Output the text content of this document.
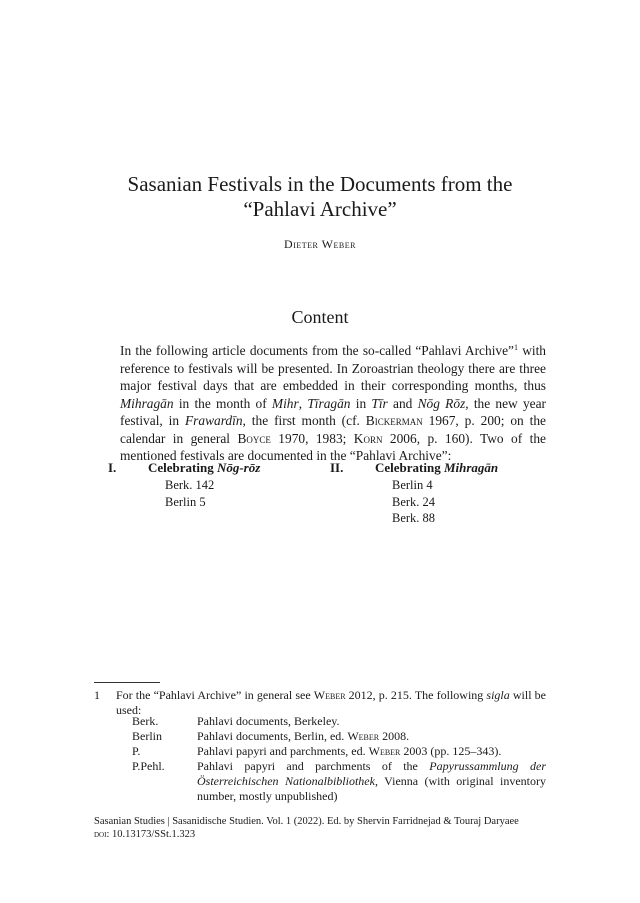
Sasanian Festivals in the Documents from the
“Pahlavi Archive”
Dieter Weber
Content
In the following article documents from the so-called “Pahlavi Archive”$^1$ with reference to festivals will be presented. In Zoroastrian theology there are three major festival days that are embedded in their corresponding months, thus Mihragān in the month of Mihr, Tīragān in Tīr and Nōg Rōz, the new year festival, in Frawardīn, the first month (cf. Bickerman 1967, p. 200; on the calendar in general Boyce 1970, 1983; Korn 2006, p. 160). Two of the mentioned festivals are documented in the “Pahlavi Archive”:
I. Celebrating Nōg-rōz
Berk. 142
Berlin 5
II. Celebrating Mihragān
Berlin 4
Berk. 24
Berk. 88
1 For the “Pahlavi Archive” in general see Weber 2012, p. 215. The following sigla will be used:
Berk.	Pahlavi documents, Berkeley.
Berlin	Pahlavi documents, Berlin, ed. Weber 2008.
P.	Pahlavi papyri and parchments, ed. Weber 2003 (pp. 125–343).
P.Pehl.	Pahlavi papyri and parchments of the Papyrussammlung der Österreichischen Nationalbibliothek, Vienna (with original inventory number, mostly unpublished)
Sasanian Studies | Sasanidische Studien. Vol. 1 (2022). Ed. by Shervin Farridnejad & Touraj Daryaee
doi: 10.13173/SSt.1.323
